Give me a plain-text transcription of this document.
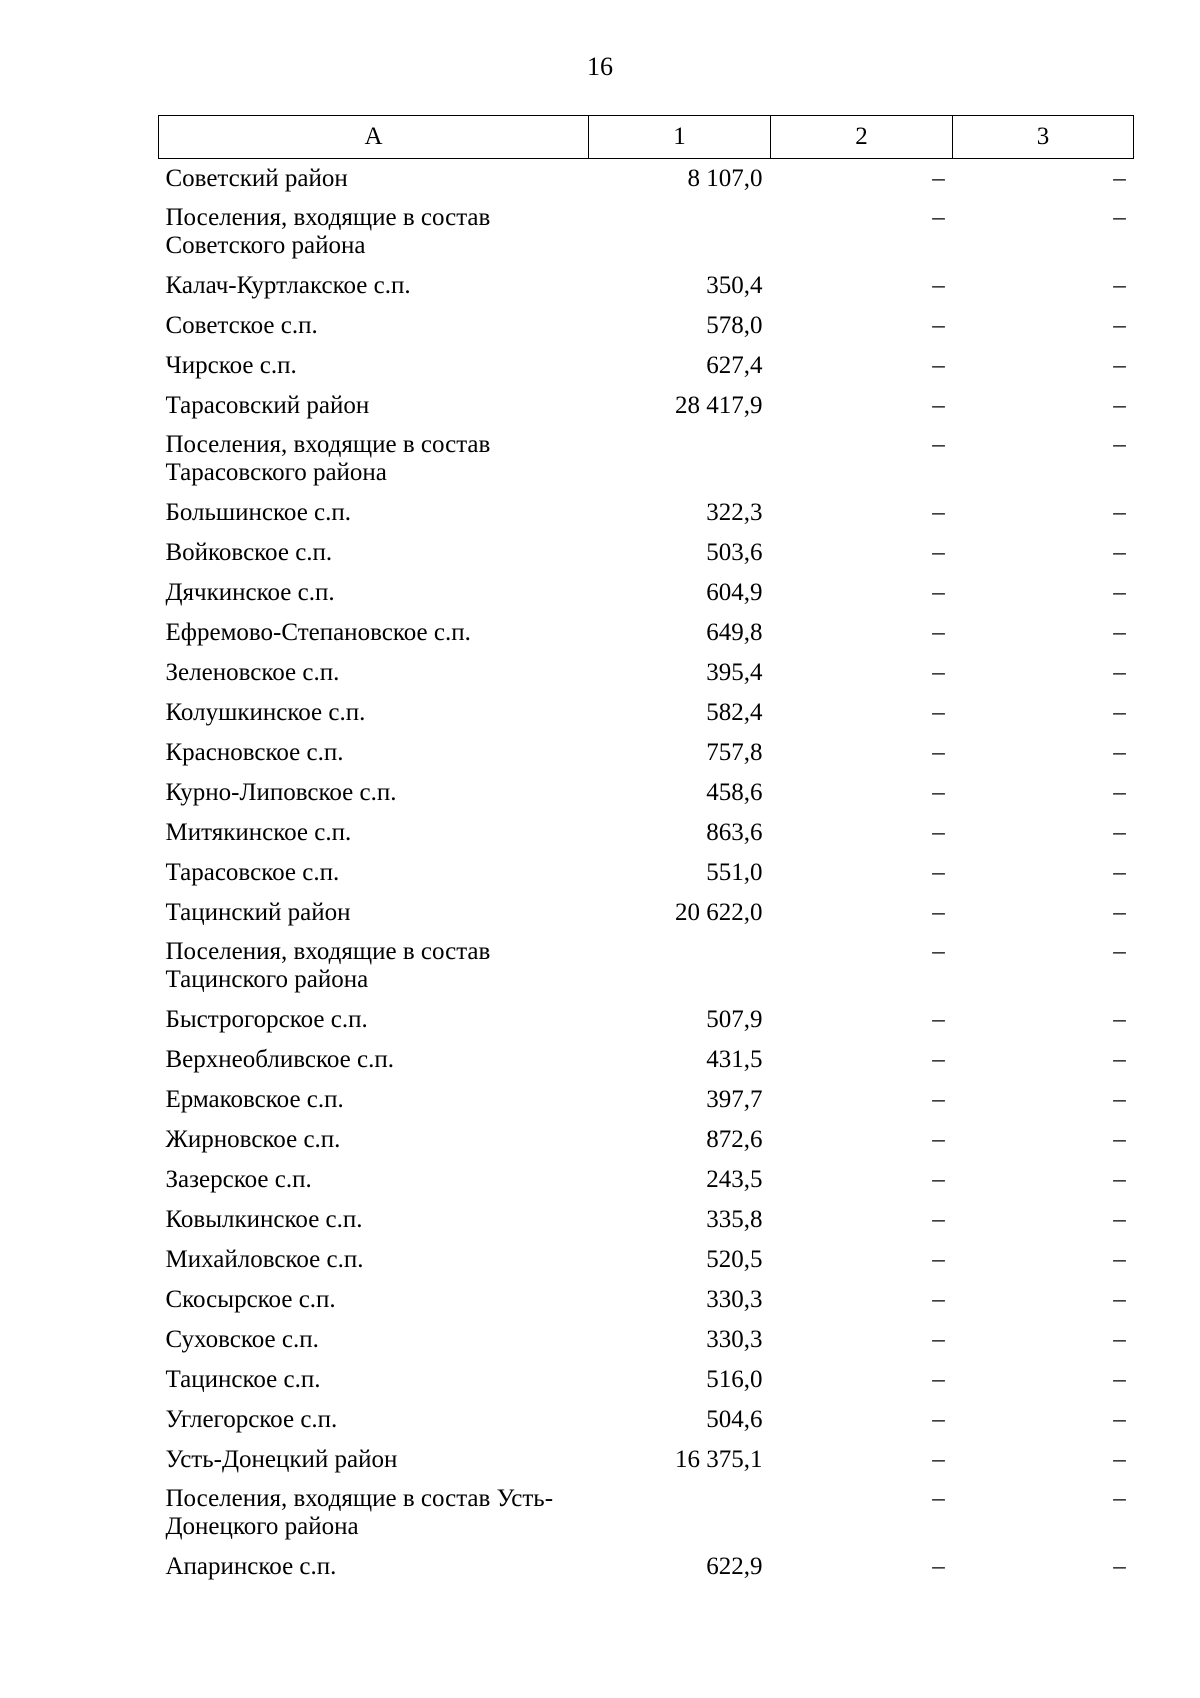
16
А	1	2	3
Советский район	8 107,0	–	–
Поселения, входящие в состав Советского района		–	–
Калач-Куртлакское с.п.	350,4	–	–
Советское с.п.	578,0	–	–
Чирское с.п.	627,4	–	–
Тарасовский район	28 417,9	–	–
Поселения, входящие в состав Тарасовского района		–	–
Большинское с.п.	322,3	–	–
Войковское с.п.	503,6	–	–
Дячкинское с.п.	604,9	–	–
Ефремово-Степановское с.п.	649,8	–	–
Зеленовское с.п.	395,4	–	–
Колушкинское с.п.	582,4	–	–
Красновское с.п.	757,8	–	–
Курно-Липовское с.п.	458,6	–	–
Митякинское с.п.	863,6	–	–
Тарасовское с.п.	551,0	–	–
Тацинский район	20 622,0	–	–
Поселения, входящие в состав Тацинского района		–	–
Быстрогорское с.п.	507,9	–	–
Верхнеобливское с.п.	431,5	–	–
Ермаковское с.п.	397,7	–	–
Жирновское с.п.	872,6	–	–
Зазерское с.п.	243,5	–	–
Ковылкинское с.п.	335,8	–	–
Михайловское с.п.	520,5	–	–
Скосырское с.п.	330,3	–	–
Суховское с.п.	330,3	–	–
Тацинское с.п.	516,0	–	–
Углегорское с.п.	504,6	–	–
Усть-Донецкий район	16 375,1	–	–
Поселения, входящие в состав Усть-Донецкого района		–	–
Апаринское с.п.	622,9	–	–
